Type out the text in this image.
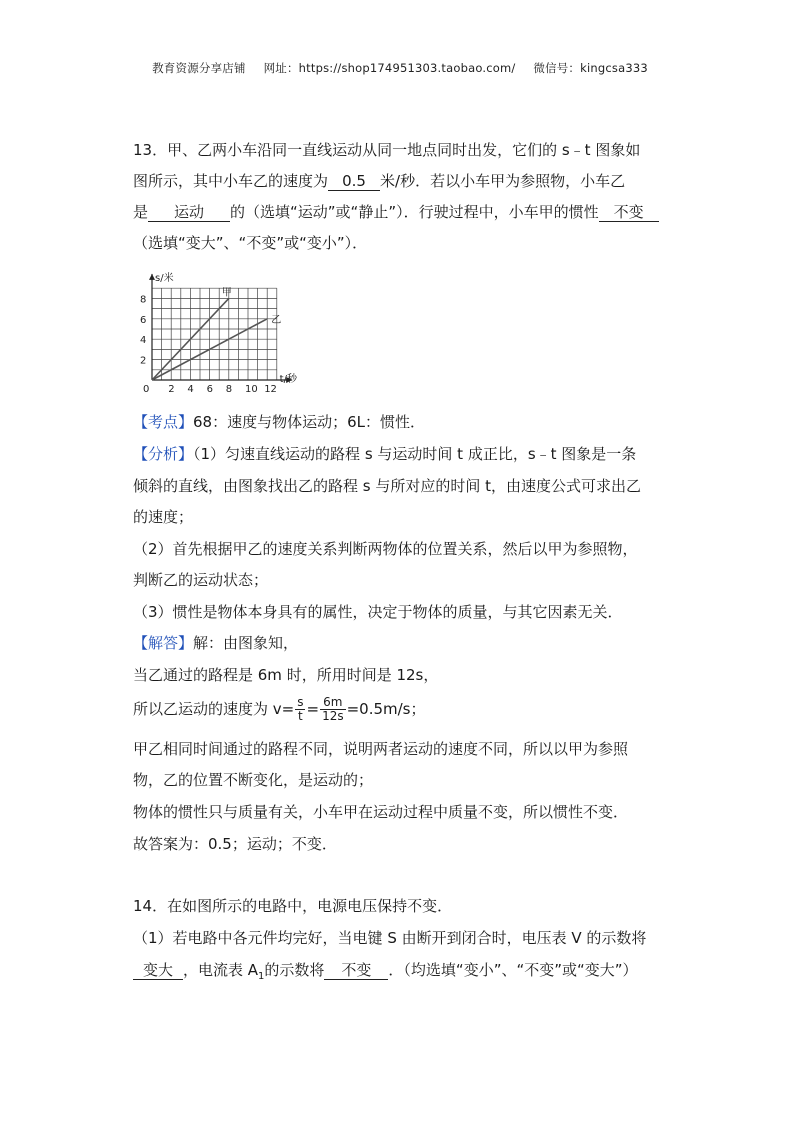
教育资源分享店铺 网址：https://shop174951303.taobao.com/ 微信号：kingcsa333
13．甲、乙两小车沿同一直线运动从同一地点同时出发，它们的 s﹣t 图象如
图所示，其中小车乙的速度为 0.5 米/秒．若以小车甲为参照物，小车乙
是 运动 的（选填“运动”或“静止”）．行驶过程中，小车甲的惯性 不变
（选填“变大”、“不变”或“变小”）．
t/秒
s/米
甲
乙
0 2 4 6 8 10 12
2
4
6
8
【考点】68：速度与物体运动；6L：惯性．
【分析】（1）匀速直线运动的路程 s 与运动时间 t 成正比，s﹣t 图象是一条
倾斜的直线，由图象找出乙的路程 s 与所对应的时间 t，由速度公式可求出乙
的速度；
（2）首先根据甲乙的速度关系判断两物体的位置关系，然后以甲为参照物，
判断乙的运动状态；
（3）惯性是物体本身具有的属性，决定于物体的质量，与其它因素无关．
【解答】解：由图象知，
当乙通过的路程是 6m 时，所用时间是 12s，
所以乙运动的速度为 $v= \frac{s}{t} = \frac{6m}{12s} =0.5m/s$；
甲乙相同时间通过的路程不同，说明两者运动的速度不同，所以以甲为参照
物，乙的位置不断变化，是运动的；
物体的惯性只与质量有关，小车甲在运动过程中质量不变，所以惯性不变．
故答案为：0.5；运动；不变．
14．在如图所示的电路中，电源电压保持不变．
（1）若电路中各元件均完好，当电键 S 由断开到闭合时，电压表 V 的示数将
变大 ，电流表 $A_1$的示数将 不变 ．（均选填“变小”、“不变”或“变大”）
